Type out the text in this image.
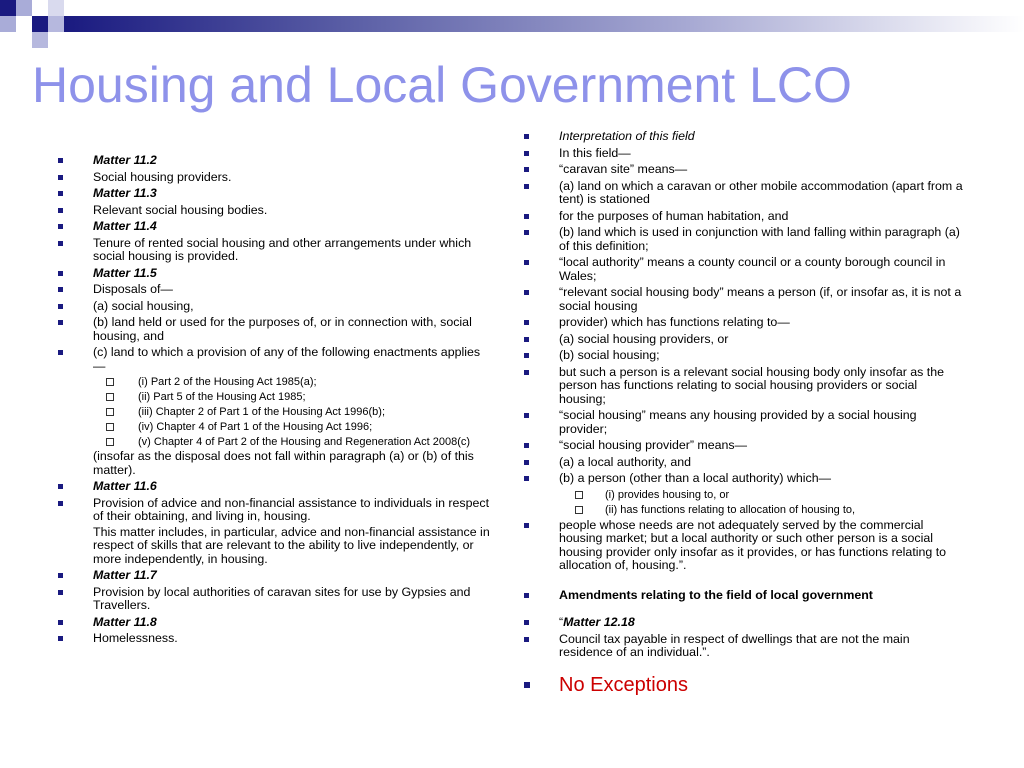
Housing and Local Government LCO
Matter 11.2
Social housing providers.
Matter 11.3
Relevant social housing bodies.
Matter 11.4
Tenure of rented social housing and other arrangements under which social housing is provided.
Matter 11.5
Disposals of—
(a) social housing,
(b) land held or used for the purposes of, or in connection with, social housing, and
(c) land to which a provision of any of the following enactments applies—
(i) Part 2 of the Housing Act 1985(a);
(ii) Part 5 of the Housing Act 1985;
(iii) Chapter 2 of Part 1 of the Housing Act 1996(b);
(iv) Chapter 4 of Part 1 of the Housing Act 1996;
(v) Chapter 4 of Part 2 of the Housing and Regeneration Act 2008(c)
(insofar as the disposal does not fall within paragraph (a) or (b) of this matter).
Matter 11.6
Provision of advice and non-financial assistance to individuals in respect of their obtaining, and living in, housing.
This matter includes, in particular, advice and non-financial assistance in respect of skills that are relevant to the ability to live independently, or more independently, in housing.
Matter 11.7
Provision by local authorities of caravan sites for use by Gypsies and Travellers.
Matter 11.8
Homelessness.
Interpretation of this field
In this field—
“caravan site” means—
(a) land on which a caravan or other mobile accommodation (apart from a tent) is stationed
for the purposes of human habitation, and
(b) land which is used in conjunction with land falling within paragraph (a) of this definition;
“local authority” means a county council or a county borough council in Wales;
“relevant social housing body” means a person (if, or insofar as, it is not a social housing
provider) which has functions relating to—
(a) social housing providers, or
(b) social housing;
but such a person is a relevant social housing body only insofar as the person has functions relating to social housing providers or social housing;
“social housing” means any housing provided by a social housing provider;
“social housing provider” means—
(a) a local authority, and
(b) a person (other than a local authority) which—
(i) provides housing to, or
(ii) has functions relating to allocation of housing to,
people whose needs are not adequately served by the commercial housing market; but a local authority or such other person is a social housing provider only insofar as it provides, or has functions relating to allocation of, housing.”.
Amendments relating to the field of local government
“Matter 12.18
Council tax payable in respect of dwellings that are not the main residence of an individual.”.
No Exceptions
